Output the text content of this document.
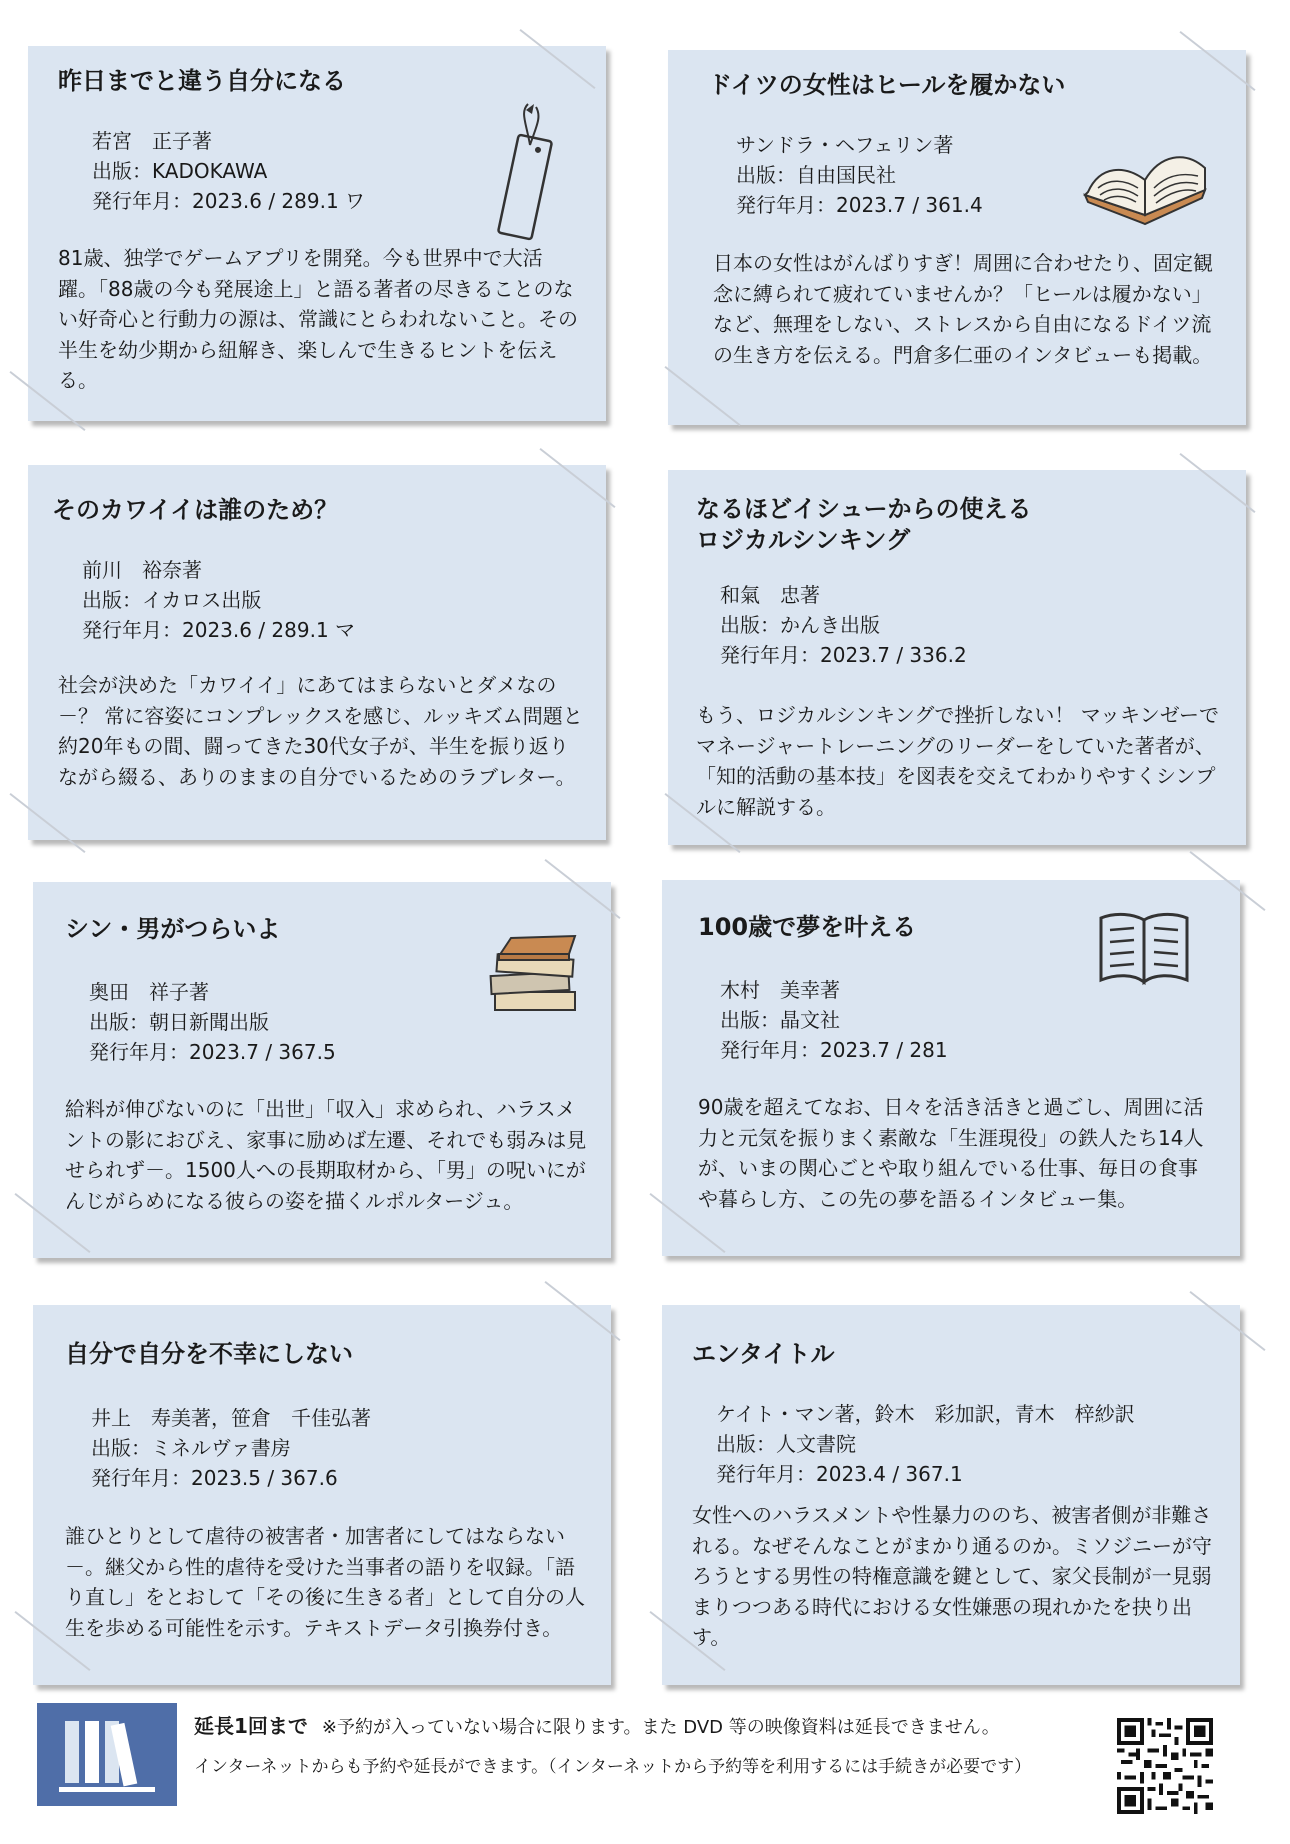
昨日までと違う自分になる
若宮　正子著
出版：KADOKAWA
発行年月：2023.6 / 289.1 ワ
81歳、独学でゲームアプリを開発。今も世界中で大活躍。「88歳の今も発展途上」と語る著者の尽きることのない好奇心と行動力の源は、常識にとらわれないこと。その半生を幼少期から紐解き、楽しんで生きるヒントを伝える。
ドイツの女性はヒールを履かない
サンドラ・ヘフェリン著
出版：自由国民社
発行年月：2023.7 / 361.4
日本の女性はがんばりすぎ！周囲に合わせたり、固定観念に縛られて疲れていませんか？「ヒールは履かない」など、無理をしない、ストレスから自由になるドイツ流の生き方を伝える。門倉多仁亜のインタビューも掲載。
そのカワイイは誰のため？
前川　裕奈著
出版：イカロス出版
発行年月：2023.6 / 289.1 マ
社会が決めた「カワイイ」にあてはまらないとダメなの－？ 常に容姿にコンプレックスを感じ、ルッキズム問題と約20年もの間、闘ってきた30代女子が、半生を振り返りながら綴る、ありのままの自分でいるためのラブレター。
なるほどイシューからの使える
ロジカルシンキング
和氣　忠著
出版：かんき出版
発行年月：2023.7 / 336.2
もう、ロジカルシンキングで挫折しない！ マッキンゼーでマネージャートレーニングのリーダーをしていた著者が、「知的活動の基本技」を図表を交えてわかりやすくシンプルに解説する。
シン・男がつらいよ
奥田　祥子著
出版：朝日新聞出版
発行年月：2023.7 / 367.5
給料が伸びないのに「出世」「収入」求められ、ハラスメントの影におびえ、家事に励めば左遷、それでも弱みは見せられず－。1500人への長期取材から、「男」の呪いにがんじがらめになる彼らの姿を描くルポルタージュ。
100歳で夢を叶える
木村　美幸著
出版：晶文社
発行年月：2023.7 / 281
90歳を超えてなお、日々を活き活きと過ごし、周囲に活力と元気を振りまく素敵な「生涯現役」の鉄人たち14人が、いまの関心ごとや取り組んでいる仕事、毎日の食事や暮らし方、この先の夢を語るインタビュー集。
自分で自分を不幸にしない
井上　寿美著，笹倉　千佳弘著
出版：ミネルヴァ書房
発行年月：2023.5 / 367.6
誰ひとりとして虐待の被害者・加害者にしてはならない－。継父から性的虐待を受けた当事者の語りを収録。「語り直し」をとおして「その後に生きる者」として自分の人生を歩める可能性を示す。テキストデータ引換券付き。
エンタイトル
ケイト・マン著，鈴木　彩加訳，青木　梓紗訳
出版：人文書院
発行年月：2023.4 / 367.1
女性へのハラスメントや性暴力ののち、被害者側が非難される。なぜそんなことがまかり通るのか。ミソジニーが守ろうとする男性の特権意識を鍵として、家父長制が一見弱まりつつある時代における女性嫌悪の現れかたを抉り出す。
延長1回まで ※予約が入っていない場合に限ります。また DVD 等の映像資料は延長できません。
インターネットからも予約や延長ができます。（インターネットから予約等を利用するには手続きが必要です）
